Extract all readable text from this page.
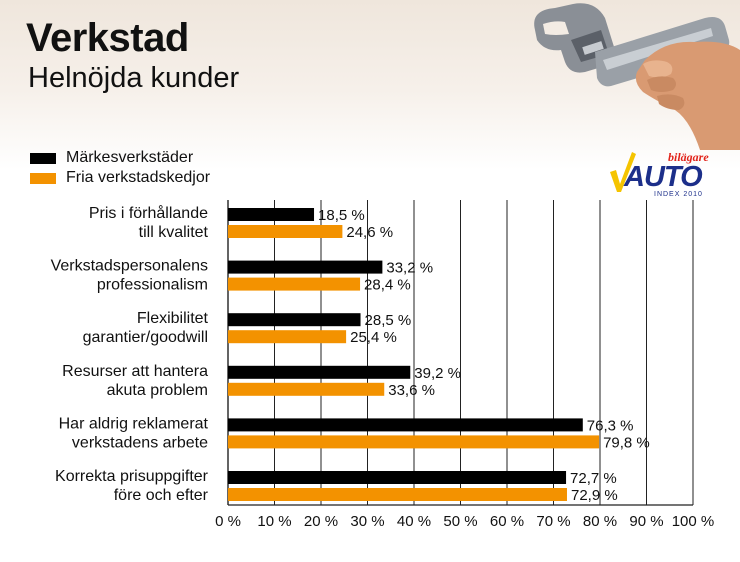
Verkstad
Helnöjda kunder
Märkesverkstäder
Fria verkstadskedjor
bilägare
AUTO
INDEX 2010
0 % 10 % 20 % 30 % 40 % 50 % 60 % 70 % 80 % 90 % 100 %
Pris i förhållande
till kvalitet
18,5 %
24,6 %
Verkstadspersonalens
professionalism
33,2 %
28,4 %
Flexibilitet
garantier/goodwill
28,5 %
25,4 %
Resurser att hantera
akuta problem
39,2 %
33,6 %
Har aldrig reklamerat
verkstadens arbete
76,3 %
79,8 %
Korrekta prisuppgifter
före och efter
72,7 %
72,9 %
